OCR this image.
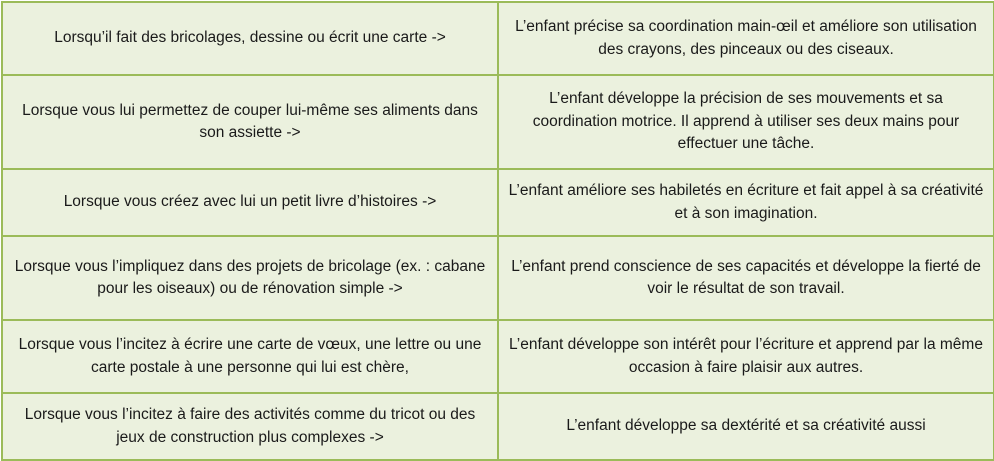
Lorsqu’il fait des bricolages, dessine ou écrit une carte ->	L’enfant précise sa coordination main-œil et améliore son utilisation des crayons, des pinceaux ou des ciseaux.
Lorsque vous lui permettez de couper lui-même ses aliments dans son assiette ->	L’enfant développe la précision de ses mouvements et sa coordination motrice. Il apprend à utiliser ses deux mains pour effectuer une tâche.
Lorsque vous créez avec lui un petit livre d’histoires ->	L’enfant améliore ses habiletés en écriture et fait appel à sa créativité et à son imagination.
Lorsque vous l’impliquez dans des projets de bricolage (ex. : cabane pour les oiseaux) ou de rénovation simple ->	L’enfant prend conscience de ses capacités et développe la fierté de voir le résultat de son travail.
Lorsque vous l’incitez à écrire une carte de vœux, une lettre ou une carte postale à une personne qui lui est chère,	L’enfant développe son intérêt pour l’écriture et apprend par la même occasion à faire plaisir aux autres.
Lorsque vous l’incitez à faire des activités comme du tricot ou des jeux de construction plus complexes ->	L’enfant développe sa dextérité et sa créativité aussi
